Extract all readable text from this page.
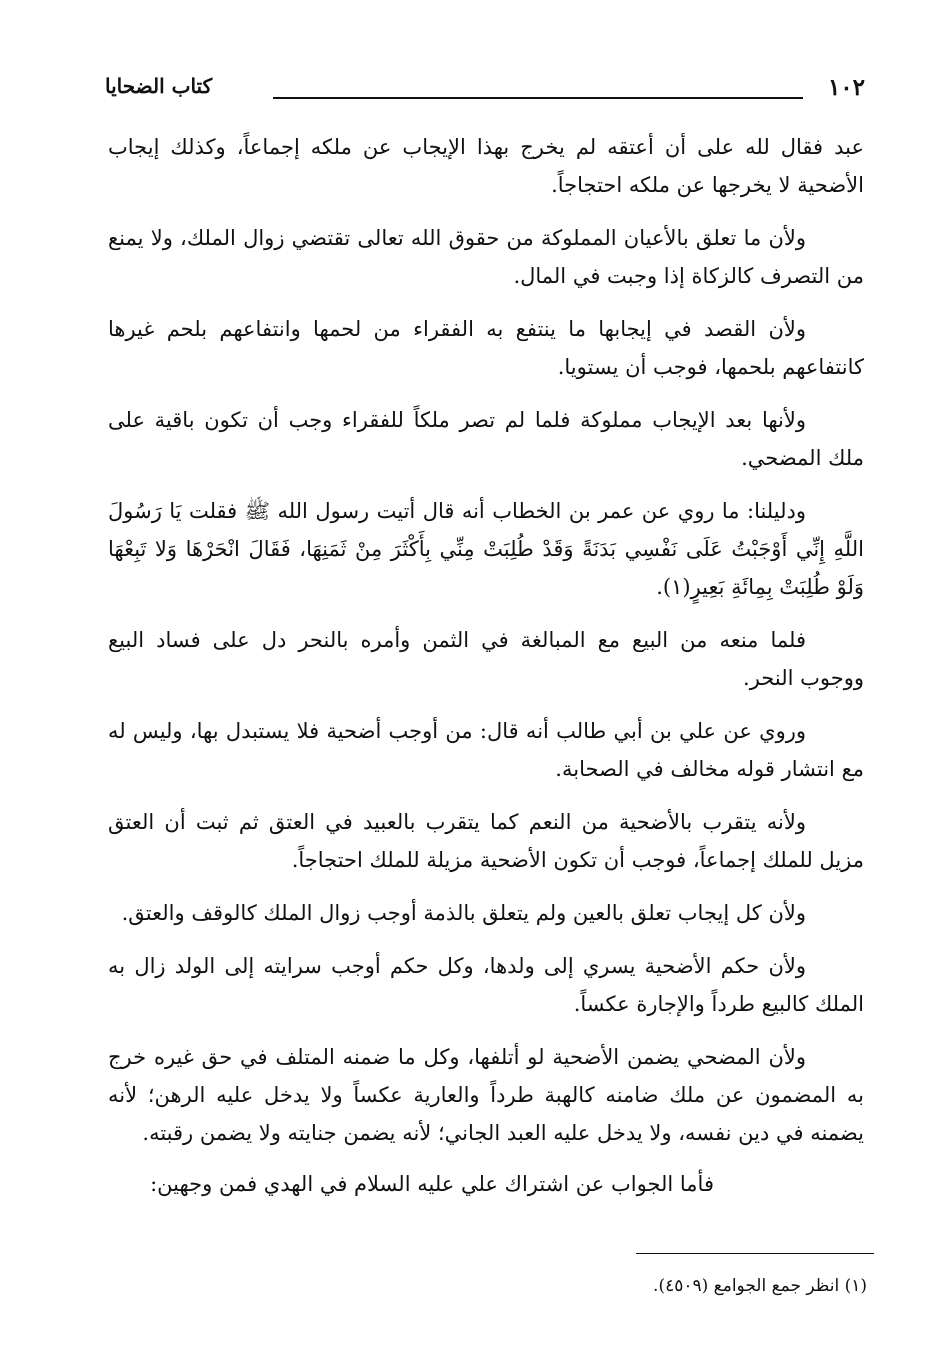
١٠٢
كتاب الضحايا

عبد فقال لله على أن أعتقه لم يخرج بهذا الإيجاب عن ملكه إجماعاً، وكذلك إيجاب الأضحية لا يخرجها عن ملكه احتجاجاً.

ولأن ما تعلق بالأعيان المملوكة من حقوق الله تعالى تقتضي زوال الملك، ولا يمنع من التصرف كالزكاة إذا وجبت في المال.

ولأن القصد في إيجابها ما ينتفع به الفقراء من لحمها وانتفاعهم بلحم غيرها كانتفاعهم بلحمها، فوجب أن يستويا.

ولأنها بعد الإيجاب مملوكة فلما لم تصر ملكاً للفقراء وجب أن تكون باقية على ملك المضحي.

ودليلنا: ما روي عن عمر بن الخطاب أنه قال أتيت رسول الله ﷺ فقلت يَا رَسُولَ اللَّهِ إِنِّي أَوْجَبْتُ عَلَى نَفْسِي بَدَنَةً وَقَدْ طُلِبَتْ مِنِّي بِأَكْثَرَ مِنْ ثَمَنِهَا، فَقَالَ انْحَرْهَا وَلا تَبِعْهَا وَلَوْ طُلِبَتْ بِمِائَةِ بَعِيرٍ(١).

فلما منعه من البيع مع المبالغة في الثمن وأمره بالنحر دل على فساد البيع ووجوب النحر.

وروي عن علي بن أبي طالب أنه قال: من أوجب أضحية فلا يستبدل بها، وليس له مع انتشار قوله مخالف في الصحابة.

ولأنه يتقرب بالأضحية من النعم كما يتقرب بالعبيد في العتق ثم ثبت أن العتق مزيل للملك إجماعاً، فوجب أن تكون الأضحية مزيلة للملك احتجاجاً.

ولأن كل إيجاب تعلق بالعين ولم يتعلق بالذمة أوجب زوال الملك كالوقف والعتق.

ولأن حكم الأضحية يسري إلى ولدها، وكل حكم أوجب سرايته إلى الولد زال به الملك كالبيع طرداً والإجارة عكساً.

ولأن المضحي يضمن الأضحية لو أتلفها، وكل ما ضمنه المتلف في حق غيره خرج به المضمون عن ملك ضامنه كالهبة طرداً والعارية عكساً ولا يدخل عليه الرهن؛ لأنه يضمنه في دين نفسه، ولا يدخل عليه العبد الجاني؛ لأنه يضمن جنايته ولا يضمن رقبته.

فأما الجواب عن اشتراك علي عليه السلام في الهدي فمن وجهين:

(١) انظر جمع الجوامع (٤٥٠٩).
